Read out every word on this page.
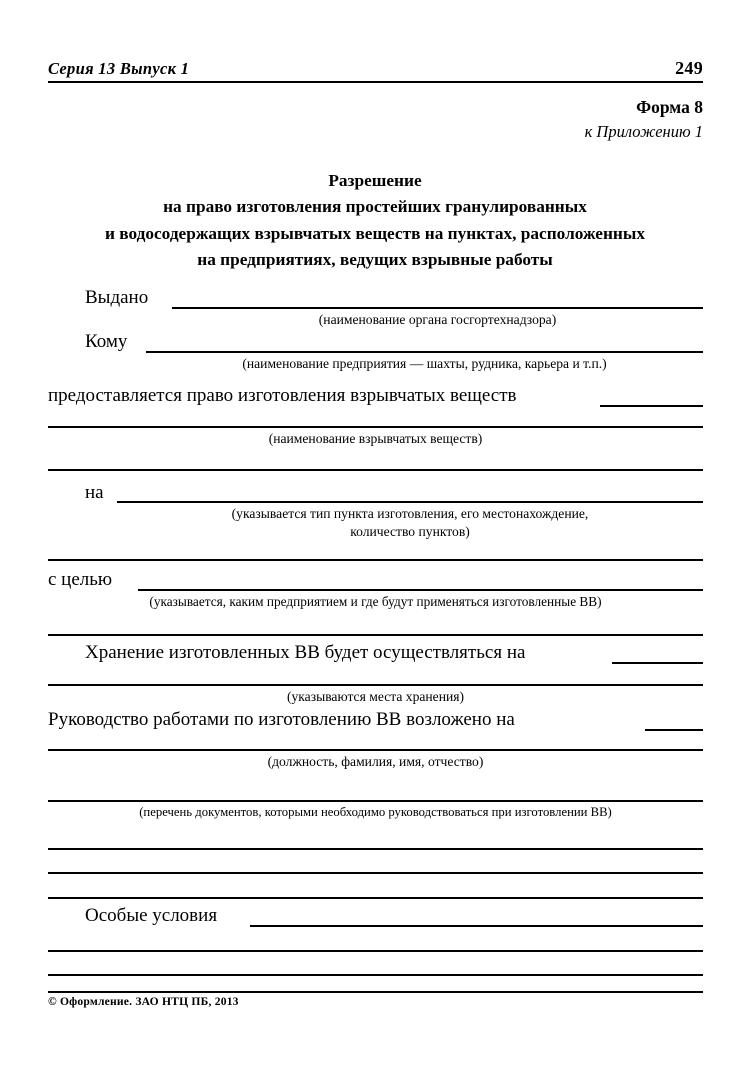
Серия 13 Выпуск 1	249
Форма 8
к Приложению 1
Разрешение
на право изготовления простейших гранулированных
и водосодержащих взрывчатых веществ на пунктах, расположенных
на предприятиях, ведущих взрывные работы
Выдано
(наименование органа госгортехнадзора)
Кому
(наименование предприятия — шахты, рудника, карьера и т.п.)
предоставляется право изготовления взрывчатых веществ
(наименование взрывчатых веществ)
на
(указывается тип пункта изготовления, его местонахождение,
количество пунктов)
с целью
(указывается, каким предприятием и где будут применяться изготовленные ВВ)
Хранение изготовленных ВВ будет осуществляться на
(указываются места хранения)
Руководство работами по изготовлению ВВ возложено на
(должность, фамилия, имя, отчество)
(перечень документов, которыми необходимо руководствоваться при изготовлении ВВ)
Особые условия
© Оформление. ЗАО НТЦ ПБ, 2013
